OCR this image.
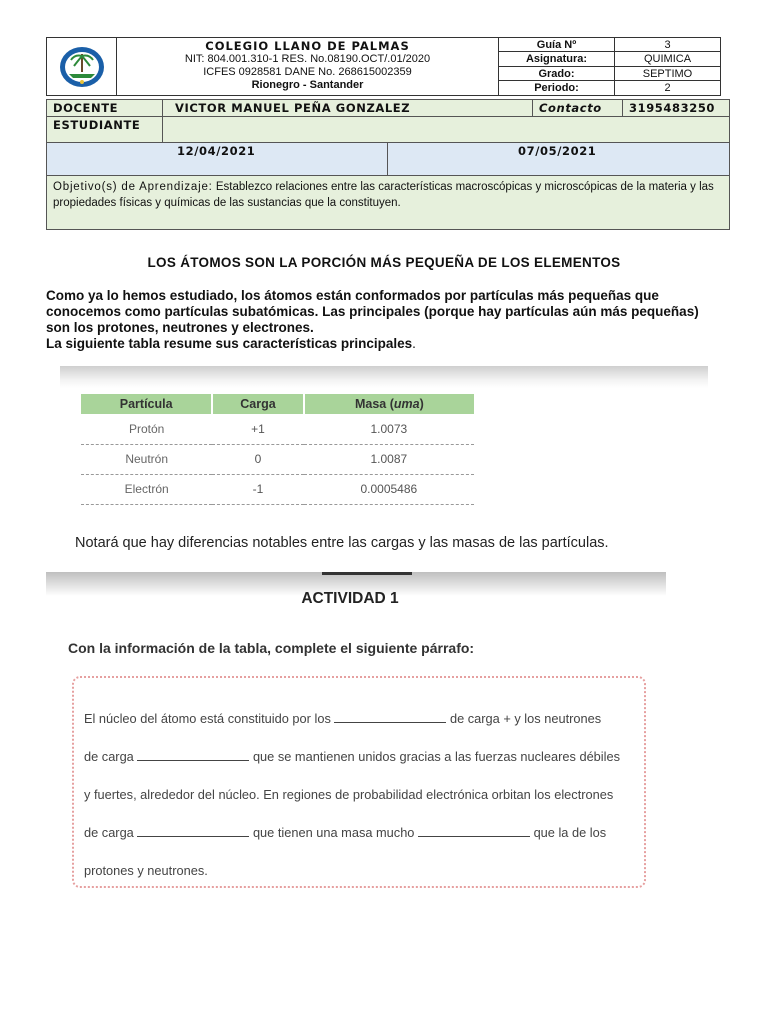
COLEGIO LLANO DE PALMAS
NIT: 804.001.310-1 RES. No.08190.OCT/.01/2020
ICFES 0928581 DANE No. 268615002359
Rionegro - Santander
Guía Nº	3
Asignatura:	QUIMICA
Grado:	SEPTIMO
Periodo:	2
DOCENTE	VICTOR MANUEL PEÑA GONZALEZ	Contacto	3195483250
ESTUDIANTE
12/04/2021	07/05/2021
Objetivo(s) de Aprendizaje: Establezco relaciones entre las características macroscópicas y microscópicas de la materia y las propiedades físicas y químicas de las sustancias que la constituyen.
LOS ÁTOMOS SON LA PORCIÓN MÁS PEQUEÑA DE LOS ELEMENTOS
Como ya lo hemos estudiado, los átomos están conformados por partículas más pequeñas que conocemos como partículas subatómicas. Las principales (porque hay partículas aún más pequeñas) son los protones, neutrones y electrones.
La siguiente tabla resume sus características principales.
Partícula	Carga	Masa (uma)
Protón	+1	1.0073
Neutrón	0	1.0087
Electrón	-1	0.0005486
Notará que hay diferencias notables entre las cargas y las masas de las partículas.
ACTIVIDAD 1
Con la información de la tabla, complete el siguiente párrafo:
El núcleo del átomo está constituido por los	de carga + y los neutrones
de carga	que se mantienen unidos gracias a las fuerzas nucleares débiles
y fuertes, alrededor del núcleo. En regiones de probabilidad electrónica orbitan los electrones
de carga	que tienen una masa mucho	que la de los
protones y neutrones.
